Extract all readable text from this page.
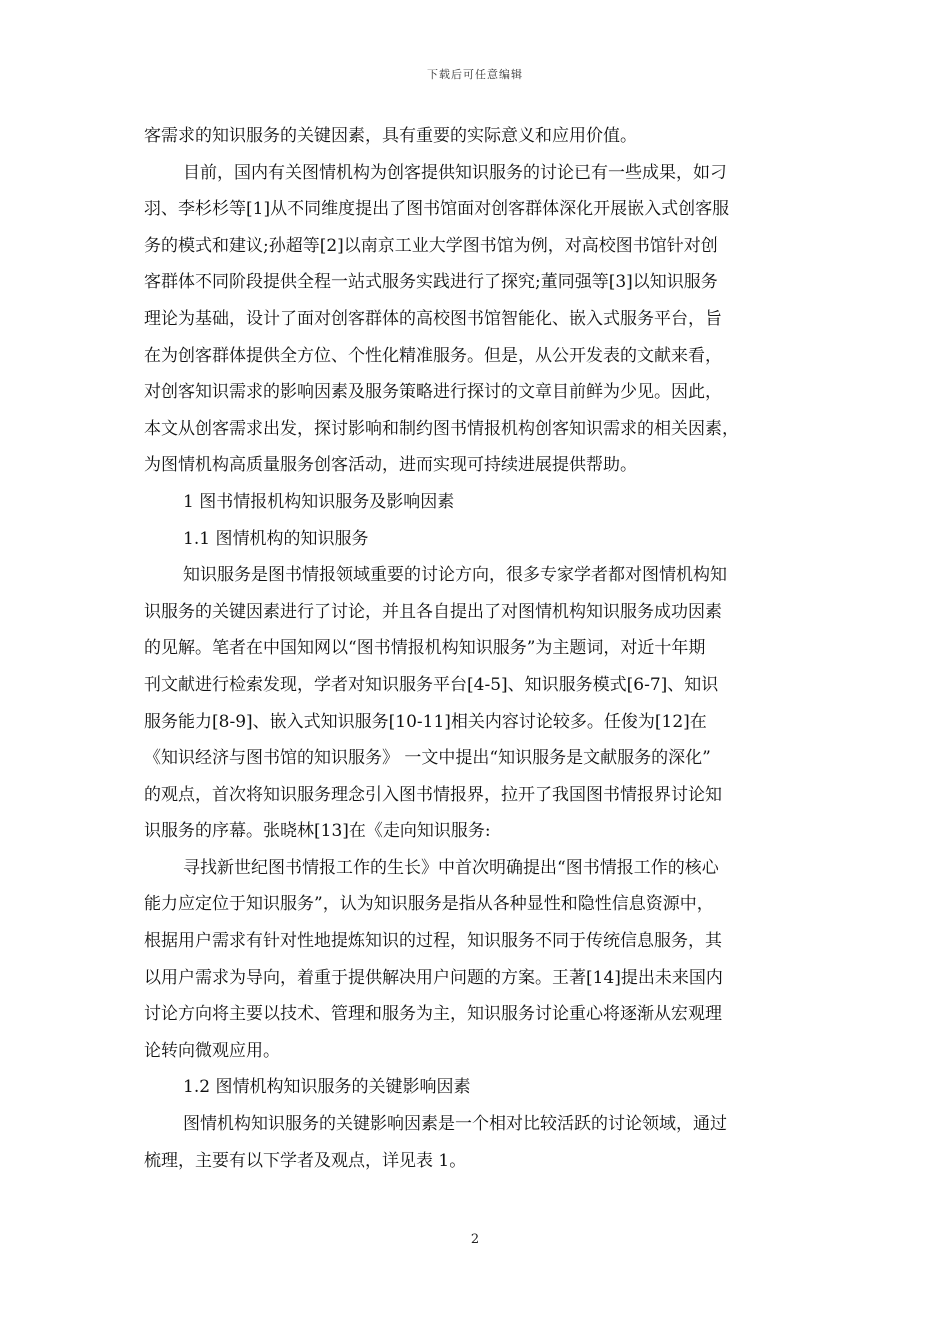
下载后可任意编辑
客需求的知识服务的关键因素，具有重要的实际意义和应用价值。
目前，国内有关图情机构为创客提供知识服务的讨论已有一些成果，如刁
羽、李杉杉等[1]从不同维度提出了图书馆面对创客群体深化开展嵌入式创客服
务的模式和建议;孙超等[2]以南京工业大学图书馆为例，对高校图书馆针对创
客群体不同阶段提供全程一站式服务实践进行了探究;董同强等[3]以知识服务
理论为基础，设计了面对创客群体的高校图书馆智能化、嵌入式服务平台，旨
在为创客群体提供全方位、个性化精准服务。但是，从公开发表的文献来看，
对创客知识需求的影响因素及服务策略进行探讨的文章目前鲜为少见。因此，
本文从创客需求出发，探讨影响和制约图书情报机构创客知识需求的相关因素，
为图情机构高质量服务创客活动，进而实现可持续进展提供帮助。
1 图书情报机构知识服务及影响因素
1.1 图情机构的知识服务
知识服务是图书情报领域重要的讨论方向，很多专家学者都对图情机构知
识服务的关键因素进行了讨论，并且各自提出了对图情机构知识服务成功因素
的见解。笔者在中国知网以“图书情报机构知识服务”为主题词，对近十年期
刊文献进行检索发现，学者对知识服务平台[4-5]、知识服务模式[6-7]、知识
服务能力[8-9]、嵌入式知识服务[10-11]相关内容讨论较多。任俊为[12]在
《知识经济与图书馆的知识服务》 一文中提出“知识服务是文献服务的深化”
的观点，首次将知识服务理念引入图书情报界，拉开了我国图书情报界讨论知
识服务的序幕。张晓林[13]在《走向知识服务:
寻找新世纪图书情报工作的生长》中首次明确提出“图书情报工作的核心
能力应定位于知识服务”，认为知识服务是指从各种显性和隐性信息资源中，
根据用户需求有针对性地提炼知识的过程，知识服务不同于传统信息服务，其
以用户需求为导向，着重于提供解决用户问题的方案。王著[14]提出未来国内
讨论方向将主要以技术、管理和服务为主，知识服务讨论重心将逐渐从宏观理
论转向微观应用。
1.2 图情机构知识服务的关键影响因素
图情机构知识服务的关键影响因素是一个相对比较活跃的讨论领域，通过
梳理，主要有以下学者及观点，详见表 1。
2
